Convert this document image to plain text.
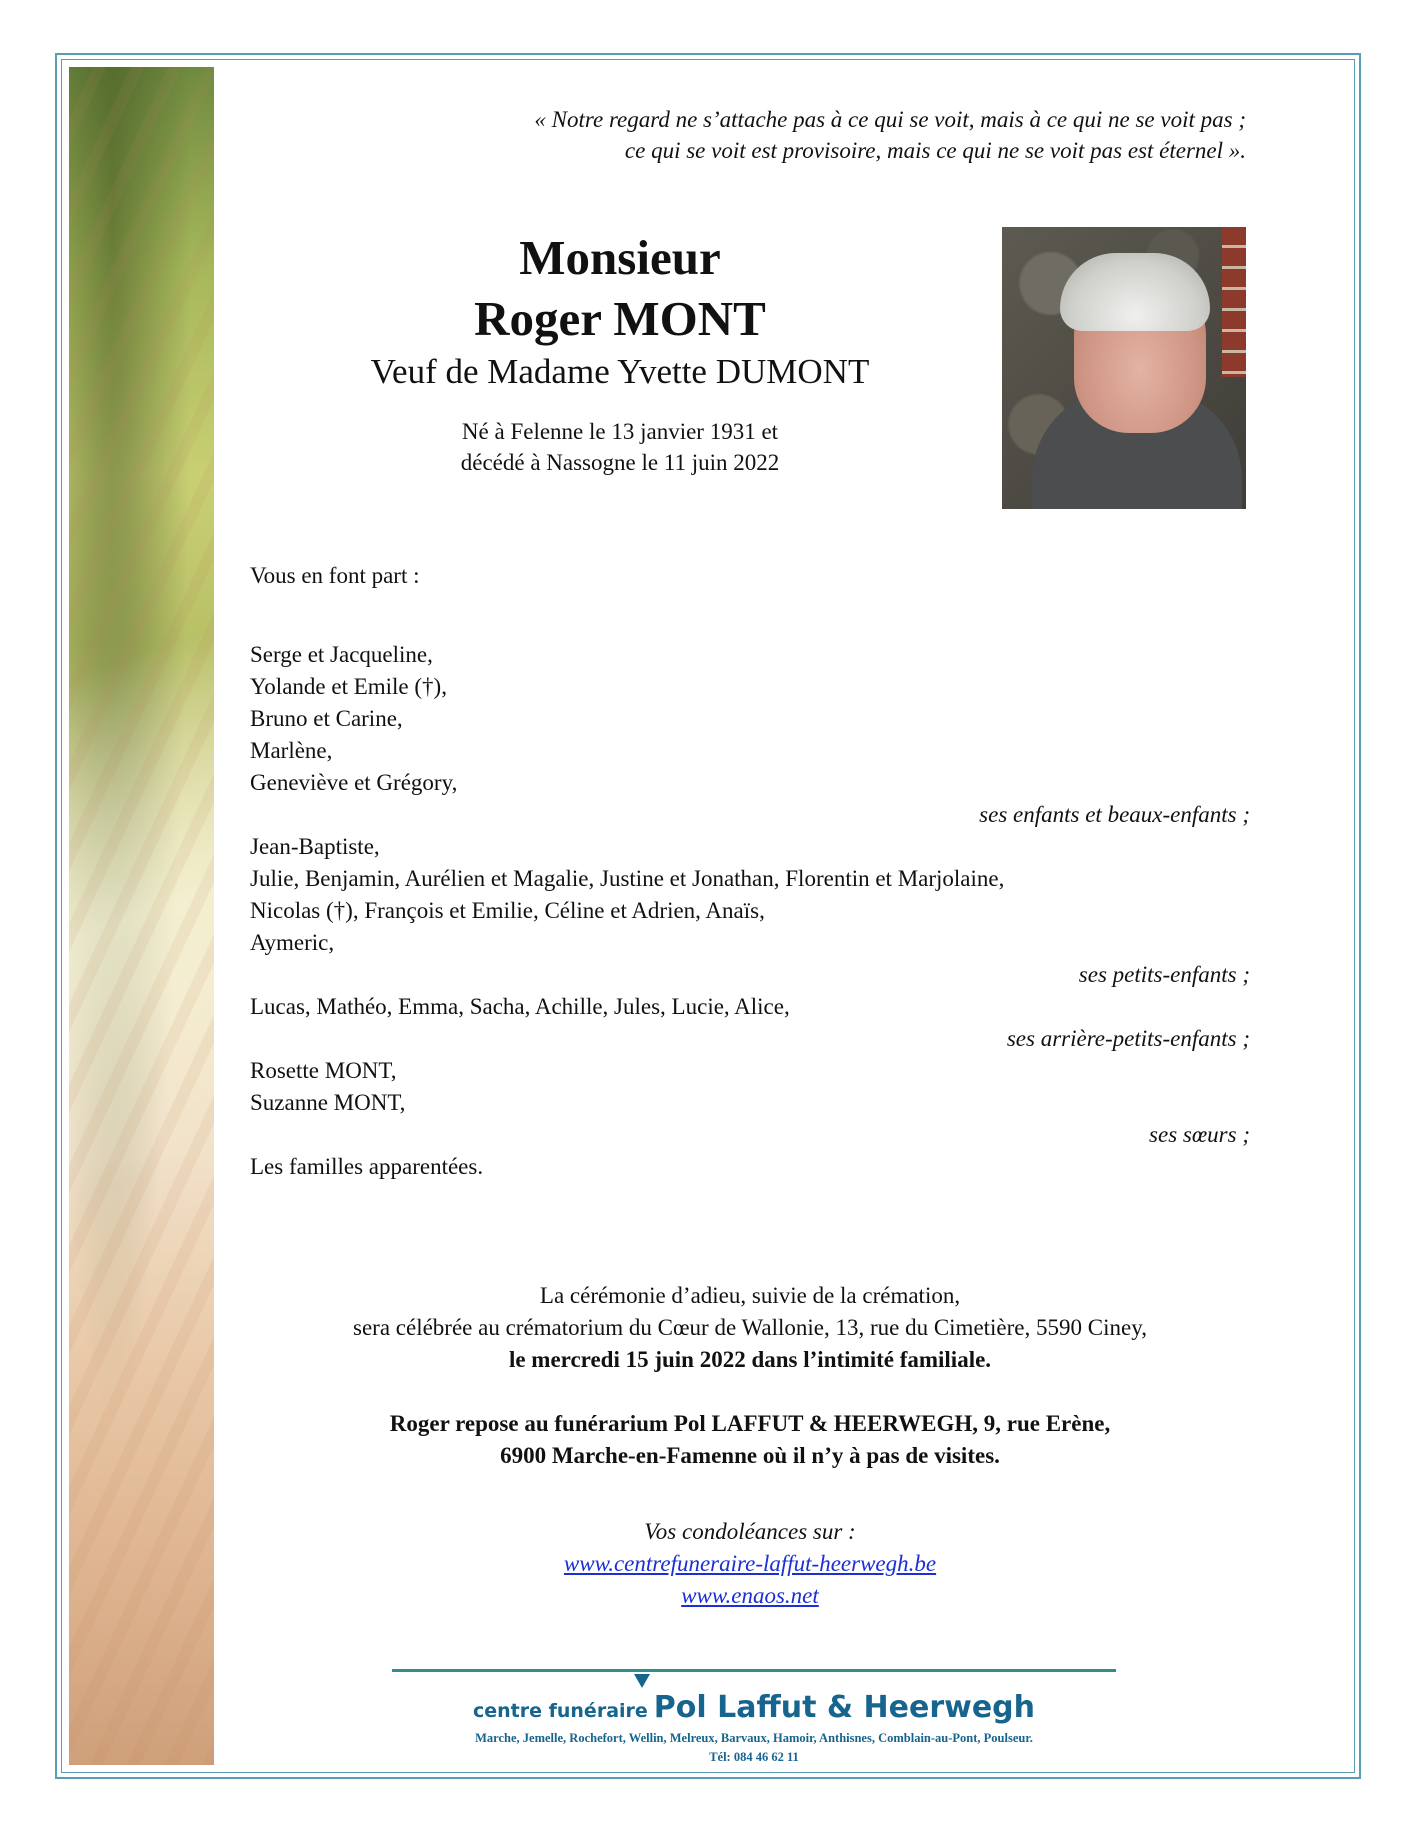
« Notre regard ne s’attache pas à ce qui se voit, mais à ce qui ne se voit pas ;
ce qui se voit est provisoire, mais ce qui ne se voit pas est éternel ».
Monsieur
Roger MONT
Veuf de Madame Yvette DUMONT
Né à Felenne le 13 janvier 1931 et
décédé à Nassogne le 11 juin 2022
Vous en font part :
Serge et Jacqueline,
Yolande et Emile (†),
Bruno et Carine,
Marlène,
Geneviève et Grégory,
ses enfants et beaux-enfants ;
Jean-Baptiste,
Julie, Benjamin, Aurélien et Magalie, Justine et Jonathan, Florentin et Marjolaine,
Nicolas (†), François et Emilie, Céline et Adrien, Anaïs,
Aymeric,
ses petits-enfants ;
Lucas, Mathéo, Emma, Sacha, Achille, Jules, Lucie, Alice,
ses arrière-petits-enfants ;
Rosette MONT,
Suzanne MONT,
ses sœurs ;
Les familles apparentées.
La cérémonie d’adieu, suivie de la crémation,
sera célébrée au crématorium du Cœur de Wallonie, 13, rue du Cimetière, 5590 Ciney,
le mercredi 15 juin 2022 dans l’intimité familiale.
Roger repose au funérarium Pol LAFFUT & HEERWEGH, 9, rue Erène,
6900 Marche-en-Famenne où il n’y à pas de visites.
Vos condoléances sur :
www.centrefuneraire-laffut-heerwegh.be
www.enaos.net
centre funéraire Pol Laffut & Heerwegh
Marche, Jemelle, Rochefort, Wellin, Melreux, Barvaux, Hamoir, Anthisnes, Comblain-au-Pont, Poulseur.
Tél: 084 46 62 11
